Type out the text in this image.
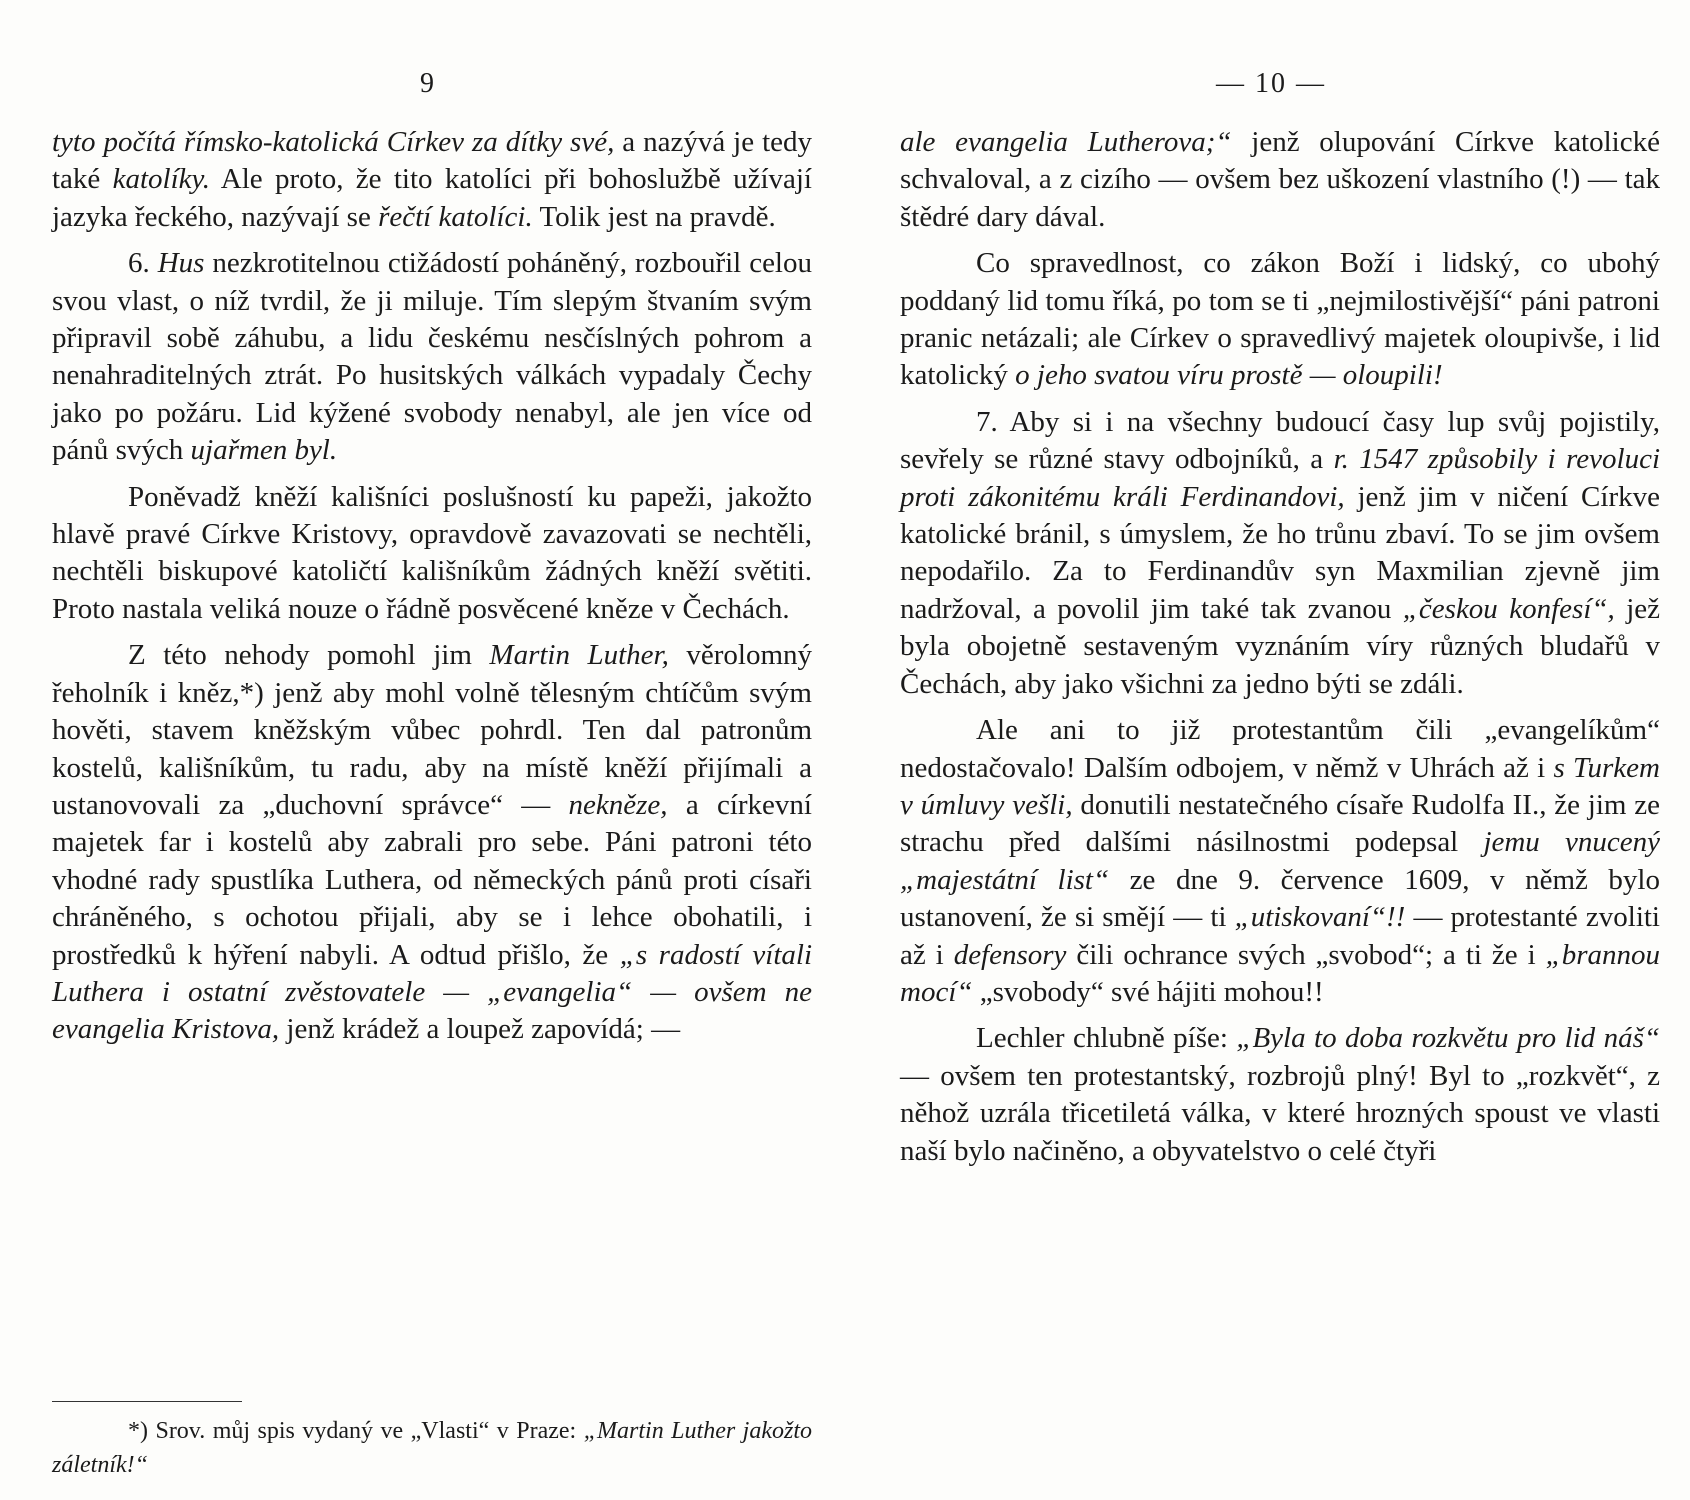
9

tyto počítá římsko-katolická Církev za dítky své, a nazývá je tedy také katolíky. Ale proto, že tito katolíci při bohoslužbě užívají jazyka řeckého, nazývají se řečtí katolíci. Tolik jest na pravdě.

6. Hus nezkrotitelnou ctižádostí poháněný, rozbouřil celou svou vlast, o níž tvrdil, že ji miluje. Tím slepým štvaním svým připravil sobě záhubu, a lidu českému nesčíslných pohrom a nenahraditelných ztrát. Po husitských válkách vypadaly Čechy jako po požáru. Lid kýžené svobody nenabyl, ale jen více od pánů svých ujařmen byl.

Poněvadž kněží kališníci poslušností ku papeži, jakožto hlavě pravé Církve Kristovy, opravdově zavazovati se nechtěli, nechtěli biskupové katoličtí kališníkům žádných kněží světiti. Proto nastala veliká nouze o řádně posvěcené kněze v Čechách.

Z této nehody pomohl jim Martin Luther, věrolomný řeholník i kněz,*) jenž aby mohl volně tělesným chtíčům svým hověti, stavem kněžským vůbec pohrdl. Ten dal patronům kostelů, kališníkům, tu radu, aby na místě kněží přijímali a ustanovovali za „duchovní správce“ — nekněze, a církevní majetek far i kostelů aby zabrali pro sebe. Páni patroni této vhodné rady spustlíka Luthera, od německých pánů proti císaři chráněného, s ochotou přijali, aby se i lehce obohatili, i prostředků k hýření nabyli. A odtud přišlo, že „s radostí vítali Luthera i ostatní zvěstovatele — „evangelia“ — ovšem ne evangelia Kristova, jenž krádež a loupež zapovídá; —

*) Srov. můj spis vydaný ve „Vlasti“ v Praze: „Martin Luther jakožto záletník!“

— 10 —

ale evangelia Lutherova;“ jenž olupování Církve katolické schvaloval, a z cizího — ovšem bez uškození vlastního (!) — tak štědré dary dával.

Co spravedlnost, co zákon Boží i lidský, co ubohý poddaný lid tomu říká, po tom se ti „nejmilostivější“ páni patroni pranic netázali; ale Církev o spravedlivý majetek oloupivše, i lid katolický o jeho svatou víru prostě — oloupili!

7. Aby si i na všechny budoucí časy lup svůj pojistily, sevřely se různé stavy odbojníků, a r. 1547 způsobily i revoluci proti zákonitému králi Ferdinandovi, jenž jim v ničení Církve katolické bránil, s úmyslem, že ho trůnu zbaví. To se jim ovšem nepodařilo. Za to Ferdinandův syn Maxmilian zjevně jim nadržoval, a povolil jim také tak zvanou „českou konfesí“, jež byla obojetně sestaveným vyznáním víry různých bludařů v Čechách, aby jako všichni za jedno býti se zdáli.

Ale ani to již protestantům čili „evangelíkům“ nedostačovalo! Dalším odbojem, v němž v Uhrách až i s Turkem v úmluvy vešli, donutili nestatečného císaře Rudolfa II., že jim ze strachu před dalšími násilnostmi podepsal jemu vnucený „majestátní list“ ze dne 9. července 1609, v němž bylo ustanovení, že si smějí — ti „utiskovaní“!! — protestanté zvoliti až i defensory čili ochrance svých „svobod“; a ti že i „brannou mocí“ „svobody“ své hájiti mohou!!

Lechler chlubně píše: „Byla to doba rozkvětu pro lid náš“ — ovšem ten protestantský, rozbrojů plný! Byl to „rozkvět“, z něhož uzrála třicetiletá válka, v které hrozných spoust ve vlasti naší bylo načiněno, a obyvatelstvo o celé čtyři
